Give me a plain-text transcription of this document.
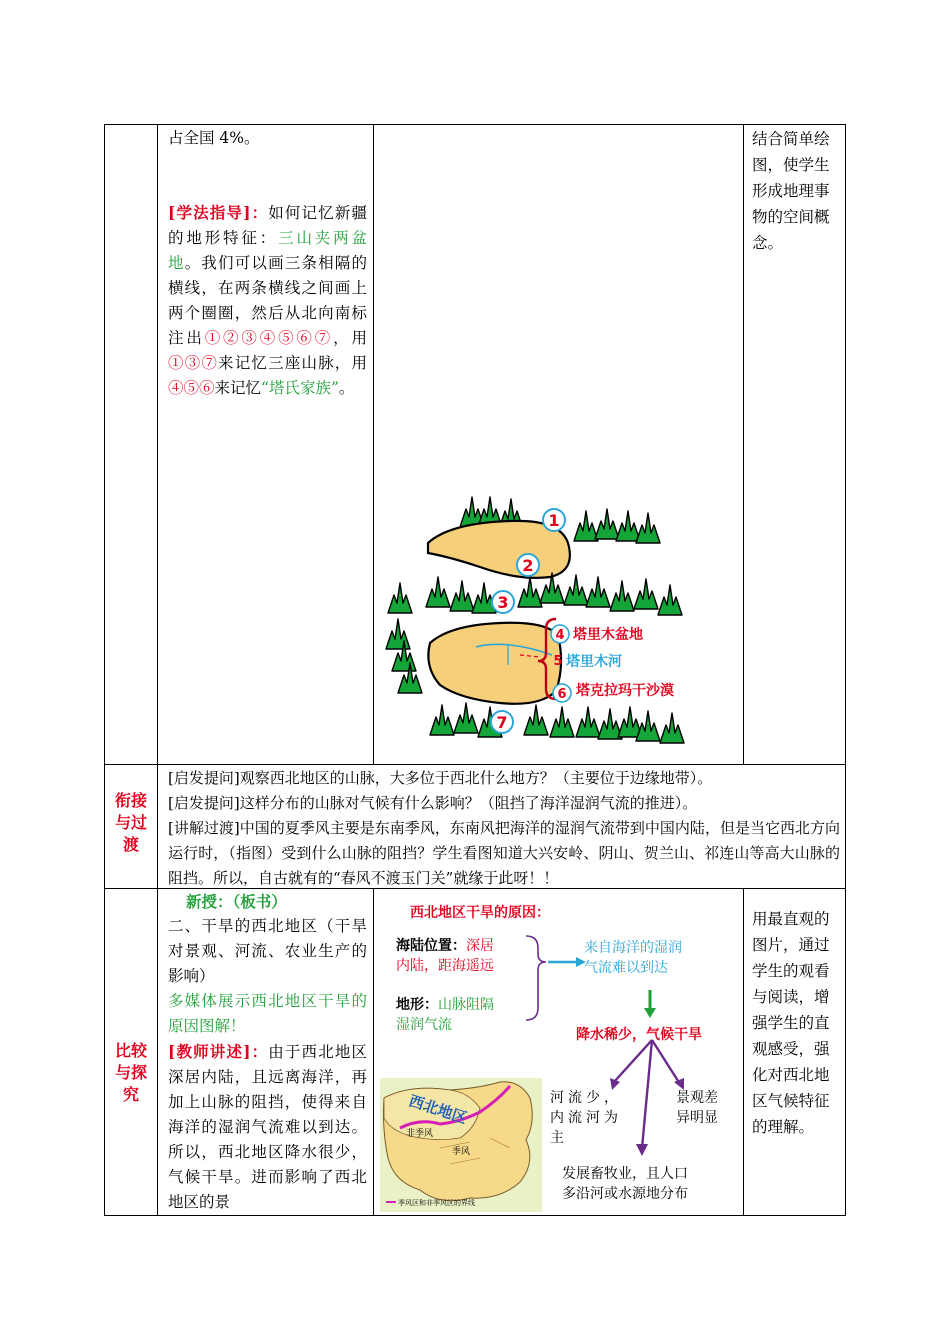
占全国 4%。
[学法指导]：如何记忆新疆的地形特征：三山夹两盆地。我们可以画三条相隔的横线，在两条横线之间画上两个圈圈，然后从北向南标注出①②③④⑤⑥⑦，用①③⑦来记忆三座山脉，用④⑤⑥来记忆“塔氏家族”。
结合简单绘图，使学生形成地理事物的空间概念。
1
2
3
4
5
6
7
塔里木盆地
塔里木河
塔克拉玛干沙漠
衔接与过渡
[启发提问]观察西北地区的山脉，大多位于西北什么地方？（主要位于边缘地带）。
[启发提问]这样分布的山脉对气候有什么影响？（阻挡了海洋湿润气流的推进）。
[讲解过渡]中国的夏季风主要是东南季风，东南风把海洋的湿润气流带到中国内陆，但是当它西北方向运行时，（指图）受到什么山脉的阻挡？学生看图知道大兴安岭、阴山、贺兰山、祁连山等高大山脉的阻挡。所以，自古就有的“春风不渡玉门关”就缘于此呀！！
比较与探究
新授：（板书）
二、干旱的西北地区（干旱对景观、河流、农业生产的影响）
多媒体展示西北地区干旱的原因图解！
[教师讲述]：由于西北地区深居内陆，且远离海洋，再加上山脉的阻挡，使得来自海洋的湿润气流难以到达。所以，西北地区降水很少，气候干旱。进而影响了西北地区的景
西北地区干旱的原因：
海陆位置：深居
内陆，距海遥远
地形：山脉阻隔
湿润气流
来自海洋的湿润
气流难以到达
降水稀少，气候干旱
河流少，
内流河为
主
景观差
异明显
发展畜牧业，且人口
多沿河或水源地分布
西北地区
非季风
季风
季风区和非季风区的界线
用最直观的图片，通过学生的观看与阅读，增强学生的直观感受，强化对西北地区气候特征的理解。
